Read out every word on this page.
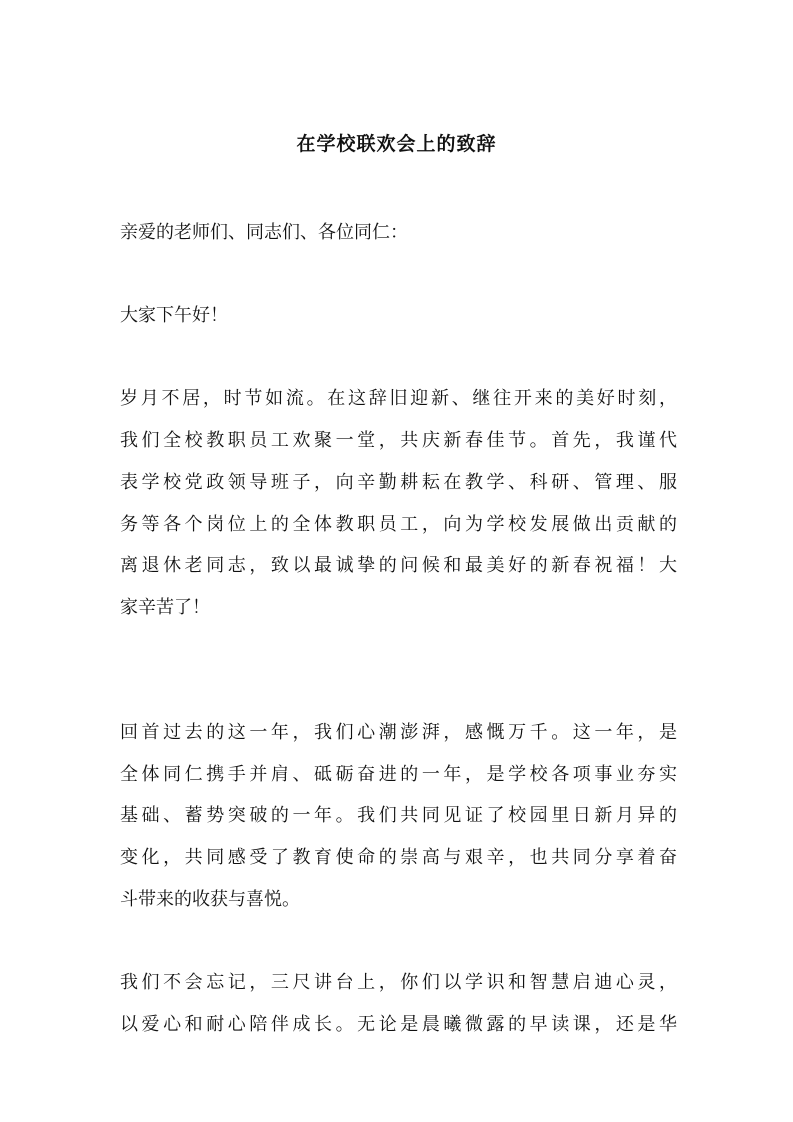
在学校联欢会上的致辞
亲爱的老师们、同志们、各位同仁：
大家下午好！
岁月不居，时节如流。在这辞旧迎新、继往开来的美好时刻，
我们全校教职员工欢聚一堂，共庆新春佳节。首先，我谨代
表学校党政领导班子，向辛勤耕耘在教学、科研、管理、服
务等各个岗位上的全体教职员工，向为学校发展做出贡献的
离退休老同志，致以最诚挚的问候和最美好的新春祝福！大
家辛苦了！
回首过去的这一年，我们心潮澎湃，感慨万千。这一年，是
全体同仁携手并肩、砥砺奋进的一年，是学校各项事业夯实
基础、蓄势突破的一年。我们共同见证了校园里日新月异的
变化，共同感受了教育使命的崇高与艰辛，也共同分享着奋
斗带来的收获与喜悦。
我们不会忘记，三尺讲台上，你们以学识和智慧启迪心灵，
以爱心和耐心陪伴成长。无论是晨曦微露的早读课，还是华
